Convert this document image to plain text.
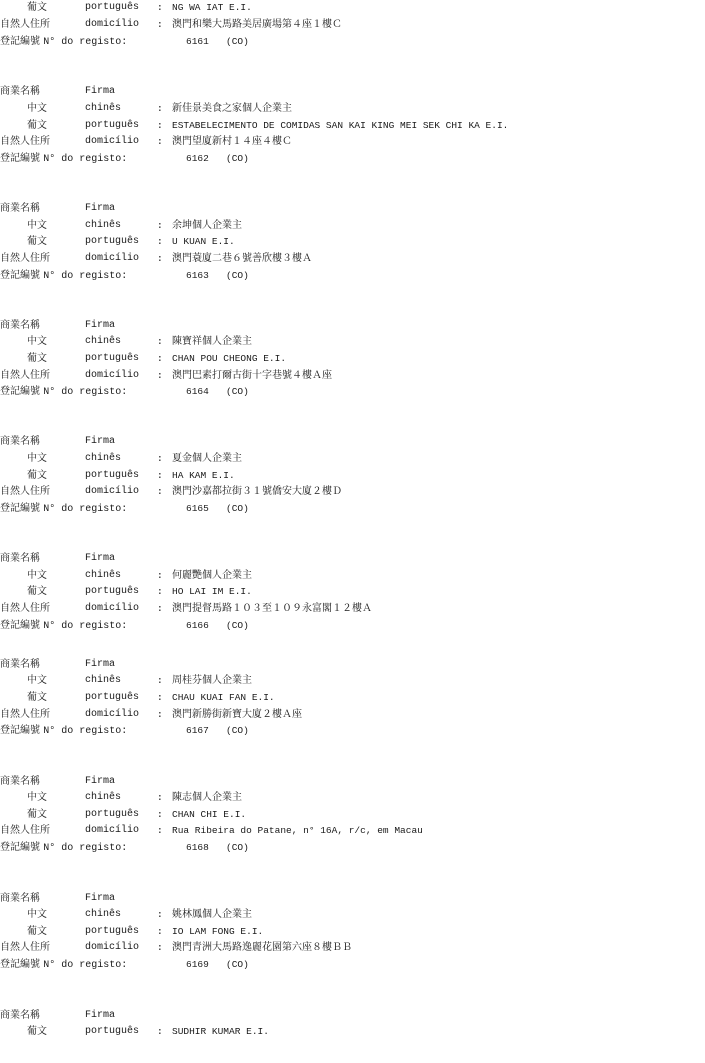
葡文	português : NG WA IAT E.I.
自然人住所	domicílio : 澳門和樂大馬路美居廣場第４座１樓Ｃ
登記編號 N° do registo:	6161 (CO)
商業名稱	Firma
中文	chinês	: 新佳景美食之家個人企業主
葡文	português : ESTABELECIMENTO DE COMIDAS SAN KAI KING MEI SEK CHI KA E.I.
自然人住所	domicílio : 澳門望廈新村１４座４樓Ｃ
登記編號 N° do registo:	6162 (CO)
商業名稱	Firma
中文	chinês	: 余坤個人企業主
葡文	português : U KUAN E.I.
自然人住所	domicílio : 澳門蓑廈二巷６號善欣樓３樓Ａ
登記編號 N° do registo:	6163 (CO)
商業名稱	Firma
中文	chinês	: 陳寶祥個人企業主
葡文	português : CHAN POU CHEONG E.I.
自然人住所	domicílio : 澳門巴素打爾古街十字巷號４樓Ａ座
登記編號 N° do registo:	6164 (CO)
商業名稱	Firma
中文	chinês	: 夏金個人企業主
葡文	português : HA KAM E.I.
自然人住所	domicílio : 澳門沙嘉都拉街３１號僑安大廈２樓Ｄ
登記編號 N° do registo:	6165 (CO)
商業名稱	Firma
中文	chinês	: 何麗艷個人企業主
葡文	português : HO LAI IM E.I.
自然人住所	domicílio : 澳門提督馬路１０３至１０９永富閣１２樓Ａ
登記編號 N° do registo:	6166 (CO)
商業名稱	Firma
中文	chinês	: 周桂芬個人企業主
葡文	português : CHAU KUAI FAN E.I.
自然人住所	domicílio : 澳門新勝街新寶大廈２樓Ａ座
登記編號 N° do registo:	6167 (CO)
商業名稱	Firma
中文	chinês	: 陳志個人企業主
葡文	português : CHAN CHI E.I.
自然人住所	domicílio : Rua Ribeira do Patane, n° 16A, r/c, em Macau
登記編號 N° do registo:	6168 (CO)
商業名稱	Firma
中文	chinês	: 姚林鳳個人企業主
葡文	português : IO LAM FONG E.I.
自然人住所	domicílio : 澳門青洲大馬路逸麗花園第六座８樓ＢＢ
登記編號 N° do registo:	6169 (CO)
商業名稱	Firma
葡文	português : SUDHIR KUMAR E.I.
